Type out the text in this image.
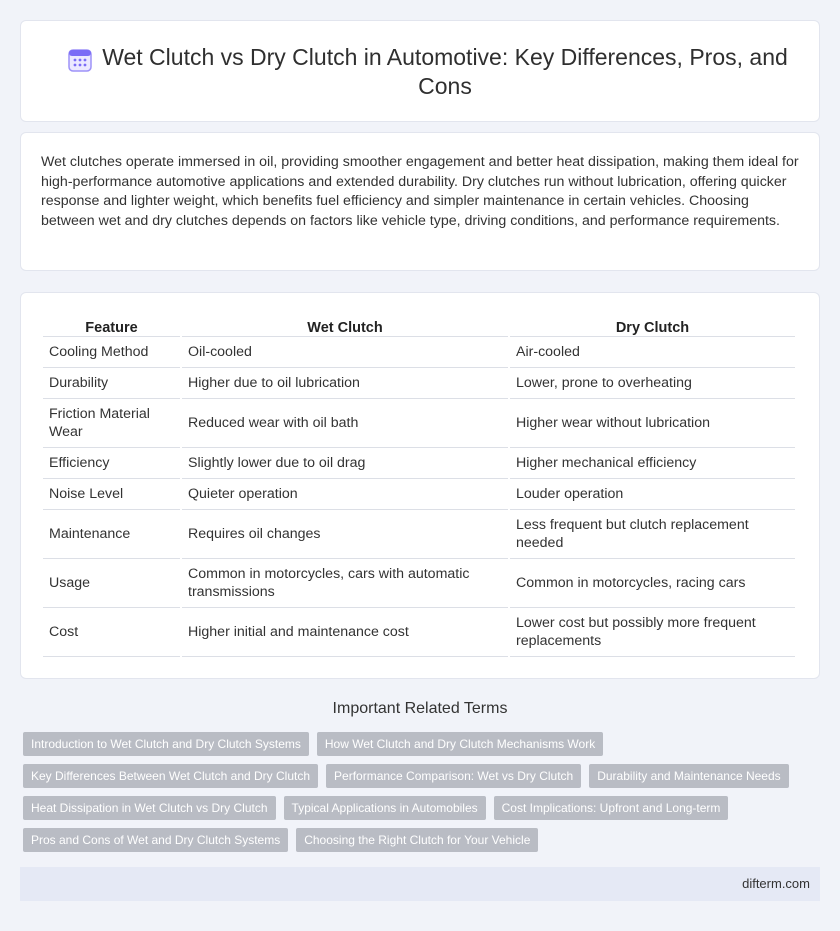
Wet Clutch vs Dry Clutch in Automotive: Key Differences, Pros, and Cons

Wet clutches operate immersed in oil, providing smoother engagement and better heat dissipation, making them ideal for high-performance automotive applications and extended durability. Dry clutches run without lubrication, offering quicker response and lighter weight, which benefits fuel efficiency and simpler maintenance in certain vehicles. Choosing between wet and dry clutches depends on factors like vehicle type, driving conditions, and performance requirements.

Feature	Wet Clutch	Dry Clutch
Cooling Method	Oil-cooled	Air-cooled
Durability	Higher due to oil lubrication	Lower, prone to overheating
Friction Material Wear	Reduced wear with oil bath	Higher wear without lubrication
Efficiency	Slightly lower due to oil drag	Higher mechanical efficiency
Noise Level	Quieter operation	Louder operation
Maintenance	Requires oil changes	Less frequent but clutch replacement needed
Usage	Common in motorcycles, cars with automatic transmissions	Common in motorcycles, racing cars
Cost	Higher initial and maintenance cost	Lower cost but possibly more frequent replacements
Important Related Terms
Introduction to Wet Clutch and Dry Clutch Systems	How Wet Clutch and Dry Clutch Mechanisms Work
Key Differences Between Wet Clutch and Dry Clutch	Performance Comparison: Wet vs Dry Clutch	Durability and Maintenance Needs
Heat Dissipation in Wet Clutch vs Dry Clutch	Typical Applications in Automobiles	Cost Implications: Upfront and Long-term
Pros and Cons of Wet and Dry Clutch Systems	Choosing the Right Clutch for Your Vehicle
difterm.com
